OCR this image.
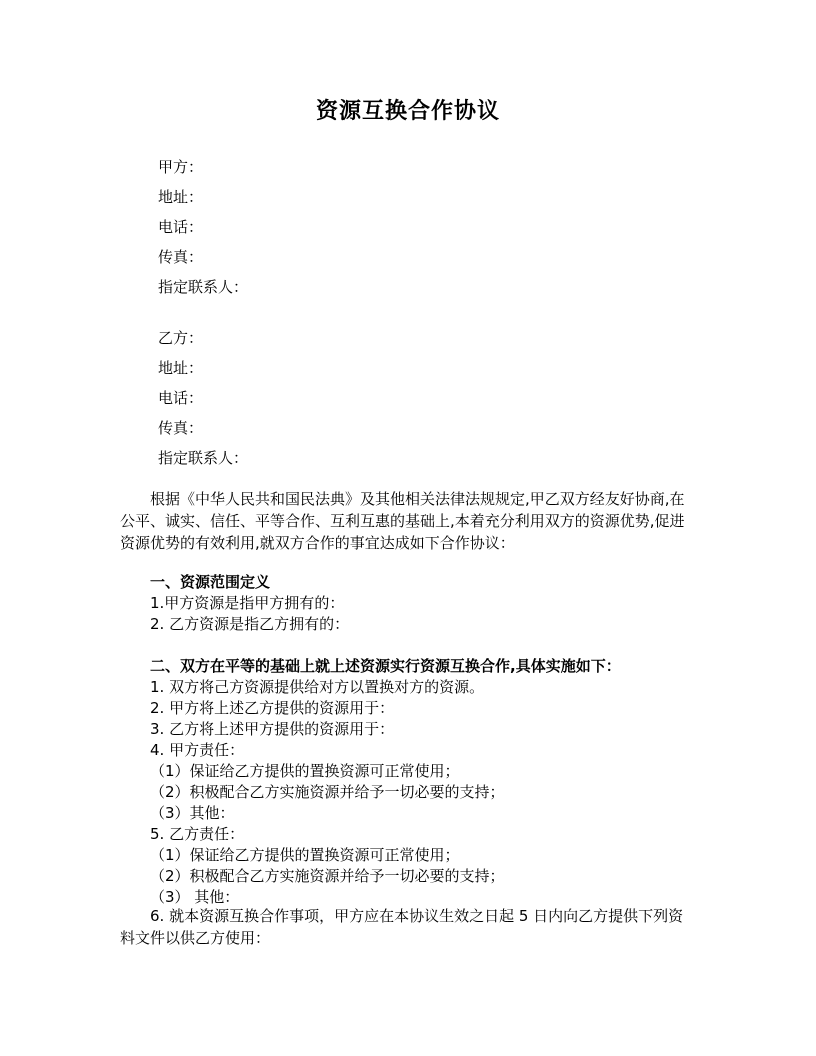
资源互换合作协议
甲方：
地址：
电话：
传真：
指定联系人：
乙方：
地址：
电话：
传真：
指定联系人：
根据《中华人民共和国民法典》及其他相关法律法规规定,甲乙双方经友好协商,在公平、诚实、信任、平等合作、互利互惠的基础上,本着充分利用双方的资源优势,促进资源优势的有效利用,就双方合作的事宜达成如下合作协议：
一、资源范围定义
1.甲方资源是指甲方拥有的：
2. 乙方资源是指乙方拥有的：
二、双方在平等的基础上就上述资源实行资源互换合作,具体实施如下：
1. 双方将己方资源提供给对方以置换对方的资源。
2. 甲方将上述乙方提供的资源用于：
3. 乙方将上述甲方提供的资源用于：
4. 甲方责任：
（1）保证给乙方提供的置换资源可正常使用；
（2）积极配合乙方实施资源并给予一切必要的支持；
（3）其他：
5. 乙方责任：
（1）保证给乙方提供的置换资源可正常使用；
（2）积极配合乙方实施资源并给予一切必要的支持；
（3） 其他：
6. 就本资源互换合作事项，甲方应在本协议生效之日起 5 日内向乙方提供下列资料文件以供乙方使用：
